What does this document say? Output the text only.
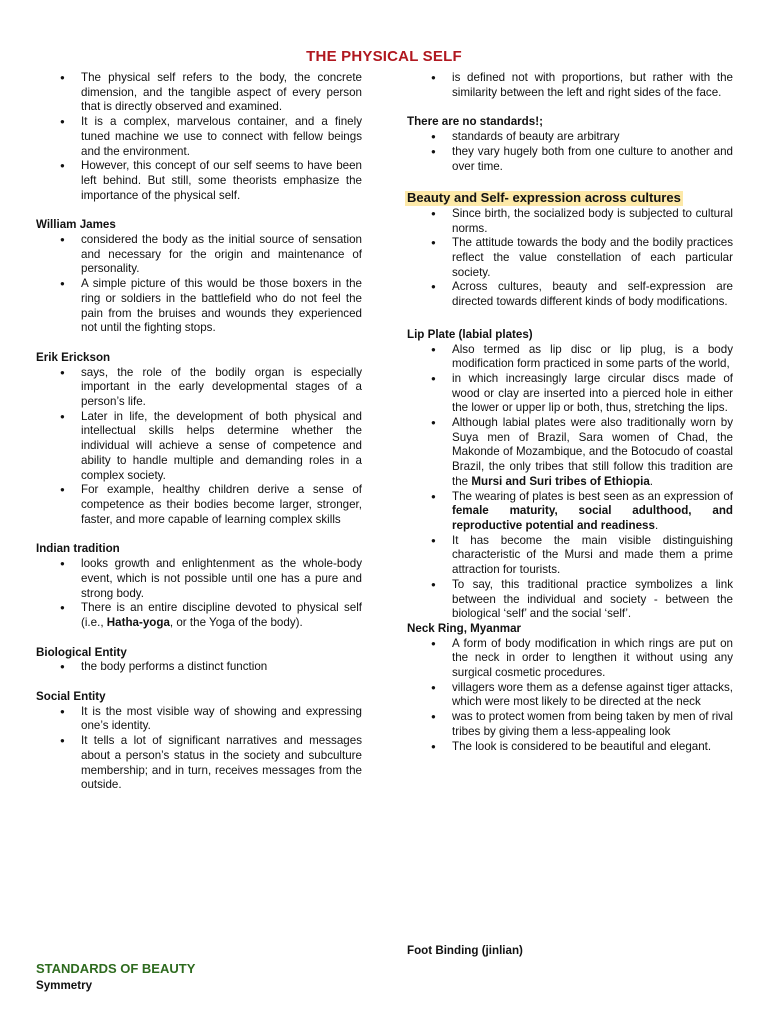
THE PHYSICAL SELF
● The physical self refers to the body, the concrete dimension, and the tangible aspect of every person that is directly observed and examined.
● It is a complex, marvelous container, and a finely tuned machine we use to connect with fellow beings and the environment.
● However, this concept of our self seems to have been left behind. But still, some theorists emphasize the importance of the physical self.

William James

● considered the body as the initial source of sensation and necessary for the origin and maintenance of personality.
● A simple picture of this would be those boxers in the ring or soldiers in the battlefield who do not feel the pain from the bruises and wounds they experienced not until the fighting stops.

Erik Erickson

● says, the role of the bodily organ is especially important in the early developmental stages of a person’s life.
● Later in life, the development of both physical and intellectual skills helps determine whether the individual will achieve a sense of competence and ability to handle multiple and demanding roles in a complex society.
● For example, healthy children derive a sense of competence as their bodies become larger, stronger, faster, and more capable of learning complex skills

Indian tradition

● looks growth and enlightenment as the whole-body event, which is not possible until one has a pure and strong body.
● There is an entire discipline devoted to physical self (i.e., Hatha-yoga, or the Yoga of the body).

Biological Entity

● the body performs a distinct function

Social Entity

● It is the most visible way of showing and expressing one’s identity.
● It tells a lot of significant narratives and messages about a person’s status in the society and subculture membership; and in turn, receives messages from the outside.
STANDARDS OF BEAUTY
Symmetry
● is defined not with proportions, but rather with the similarity between the left and right sides of the face.

There are no standards!;

● standards of beauty are arbitrary
● they vary hugely both from one culture to another and over time.

Beauty and Self- expression across cultures

● Since birth, the socialized body is subjected to cultural norms.
● The attitude towards the body and the bodily practices reflect the value constellation of each particular society.
● Across cultures, beauty and self-expression are directed towards different kinds of body modifications.

Lip Plate (labial plates)

● Also termed as lip disc or lip plug, is a body modification form practiced in some parts of the world,
● in which increasingly large circular discs made of wood or clay are inserted into a pierced hole in either the lower or upper lip or both, thus, stretching the lips.
● Although labial plates were also traditionally worn by Suya men of Brazil, Sara women of Chad, the Makonde of Mozambique, and the Botocudo of coastal Brazil, the only tribes that still follow this tradition are the Mursi and Suri tribes of Ethiopia.
● The wearing of plates is best seen as an expression of female maturity, social adulthood, and reproductive potential and readiness.
● It has become the main visible distinguishing characteristic of the Mursi and made them a prime attraction for tourists.
● To say, this traditional practice symbolizes a link between the individual and society - between the biological ‘self’ and the social ‘self’.

Neck Ring, Myanmar

● A form of body modification in which rings are put on the neck in order to lengthen it without using any surgical cosmetic procedures.
● villagers wore them as a defense against tiger attacks, which were most likely to be directed at the neck
● was to protect women from being taken by men of rival tribes by giving them a less-appealing look
● The look is considered to be beautiful and elegant.
Foot Binding (jinlian)
